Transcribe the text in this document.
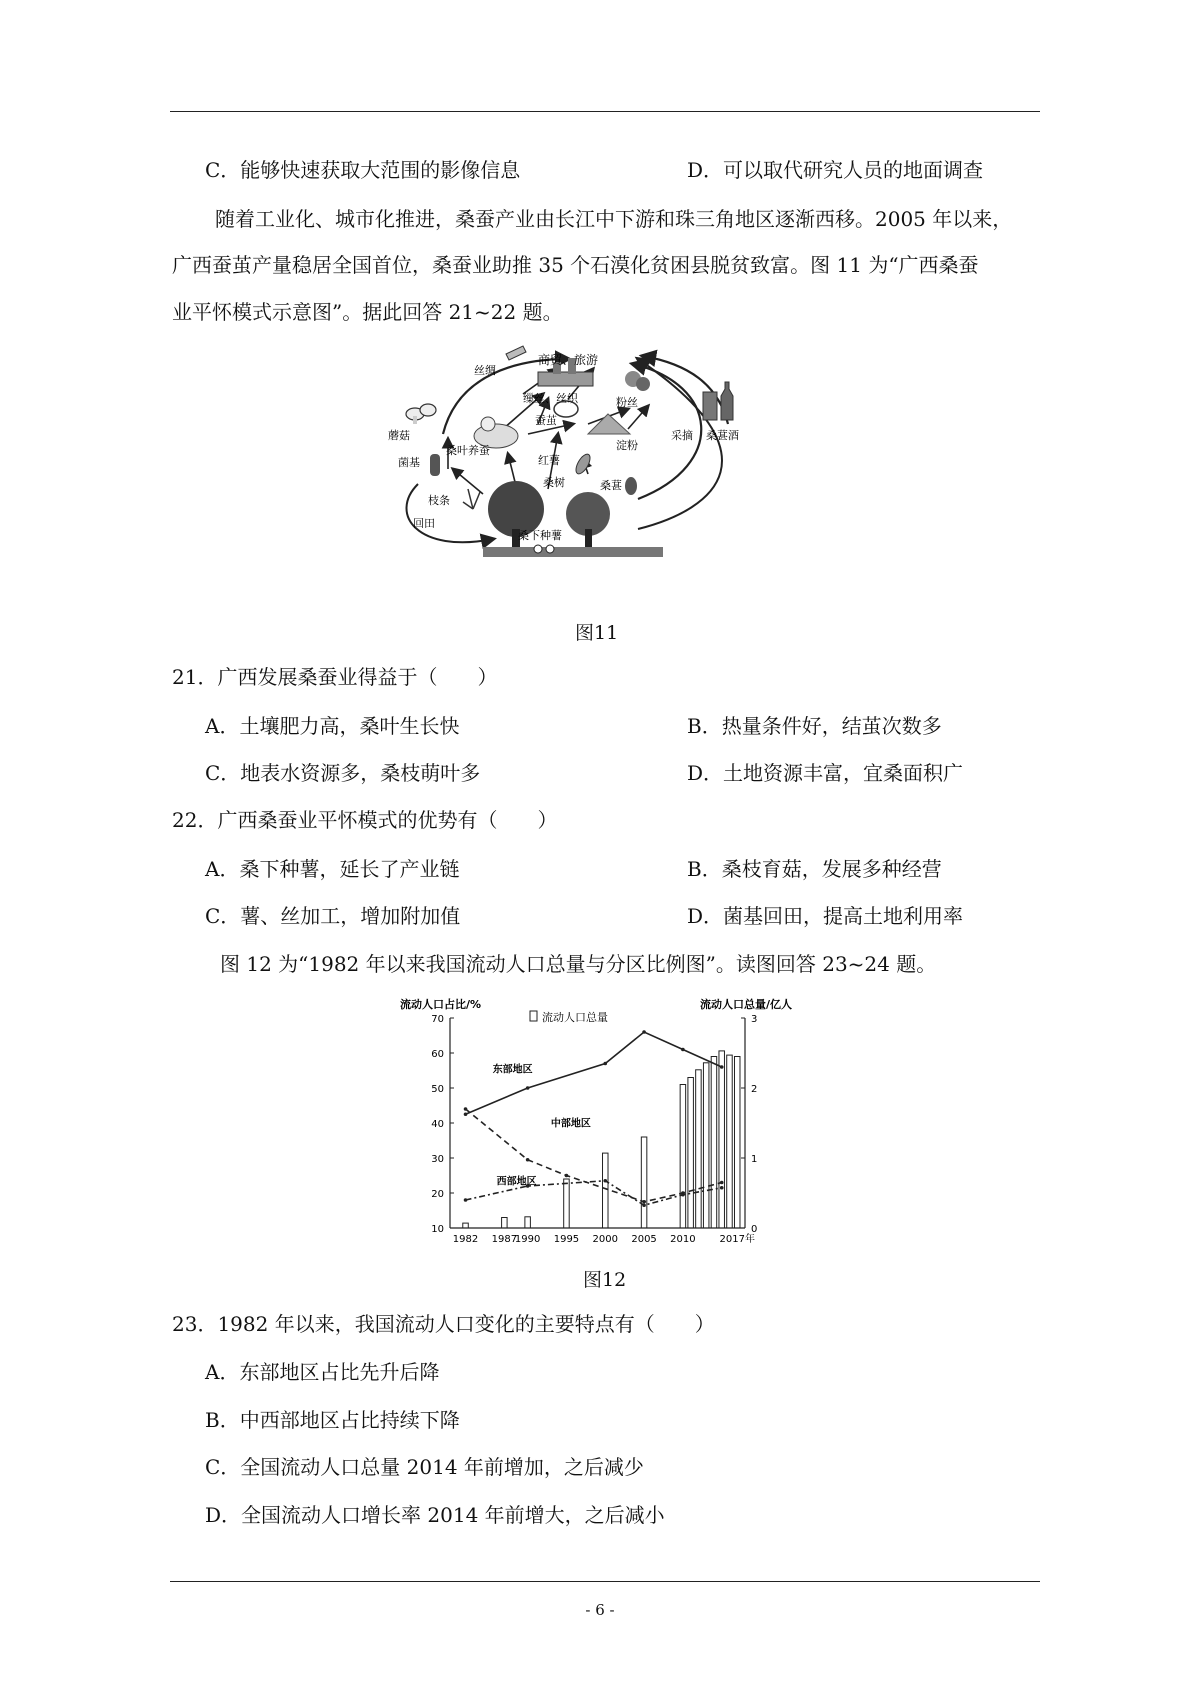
C．能够快速获取大范围的影像信息	D．可以取代研究人员的地面调查
随着工业化、城市化推进，桑蚕产业由长江中下游和珠三角地区逐渐西移。2005 年以来，
广西蚕茧产量稳居全国首位，桑蚕业助推 35 个石漠化贫困县脱贫致富。图 11 为“广西桑蚕
业平怀模式示意图”。据此回答 21~22 题。
商贸、旅游
丝绸
缫丝、丝织
蘑菇
蚕茧
粉丝
淀粉
采摘 桑葚酒
菌基
桑叶养蚕
红薯
桑树	桑葚
枝条
回田
桑下种薯
图11
21．广西发展桑蚕业得益于（　　）
A．土壤肥力高，桑叶生长快	B．热量条件好，结茧次数多
C．地表水资源多，桑枝萌叶多	D．土地资源丰富，宜桑面积广
22．广西桑蚕业平怀模式的优势有（　　）
A．桑下种薯，延长了产业链	B．桑枝育菇，发展多种经营
C．薯、丝加工，增加附加值	D．菌基回田，提高土地利用率
图 12 为“1982 年以来我国流动人口总量与分区比例图”。读图回答 23~24 题。
流动人口占比/%	流动人口总量/亿人
流动人口总量
东部地区
中部地区
西部地区
10
20
30
40
50
60
70
0
1
2
3
1982 1987
1990 1995 2000 2005 2010 2017年
图12
23．1982 年以来，我国流动人口变化的主要特点有（　　）
A．东部地区占比先升后降
B．中西部地区占比持续下降
C．全国流动人口总量 2014 年前增加，之后减少
D．全国流动人口增长率 2014 年前增大，之后减小
- 6 -
